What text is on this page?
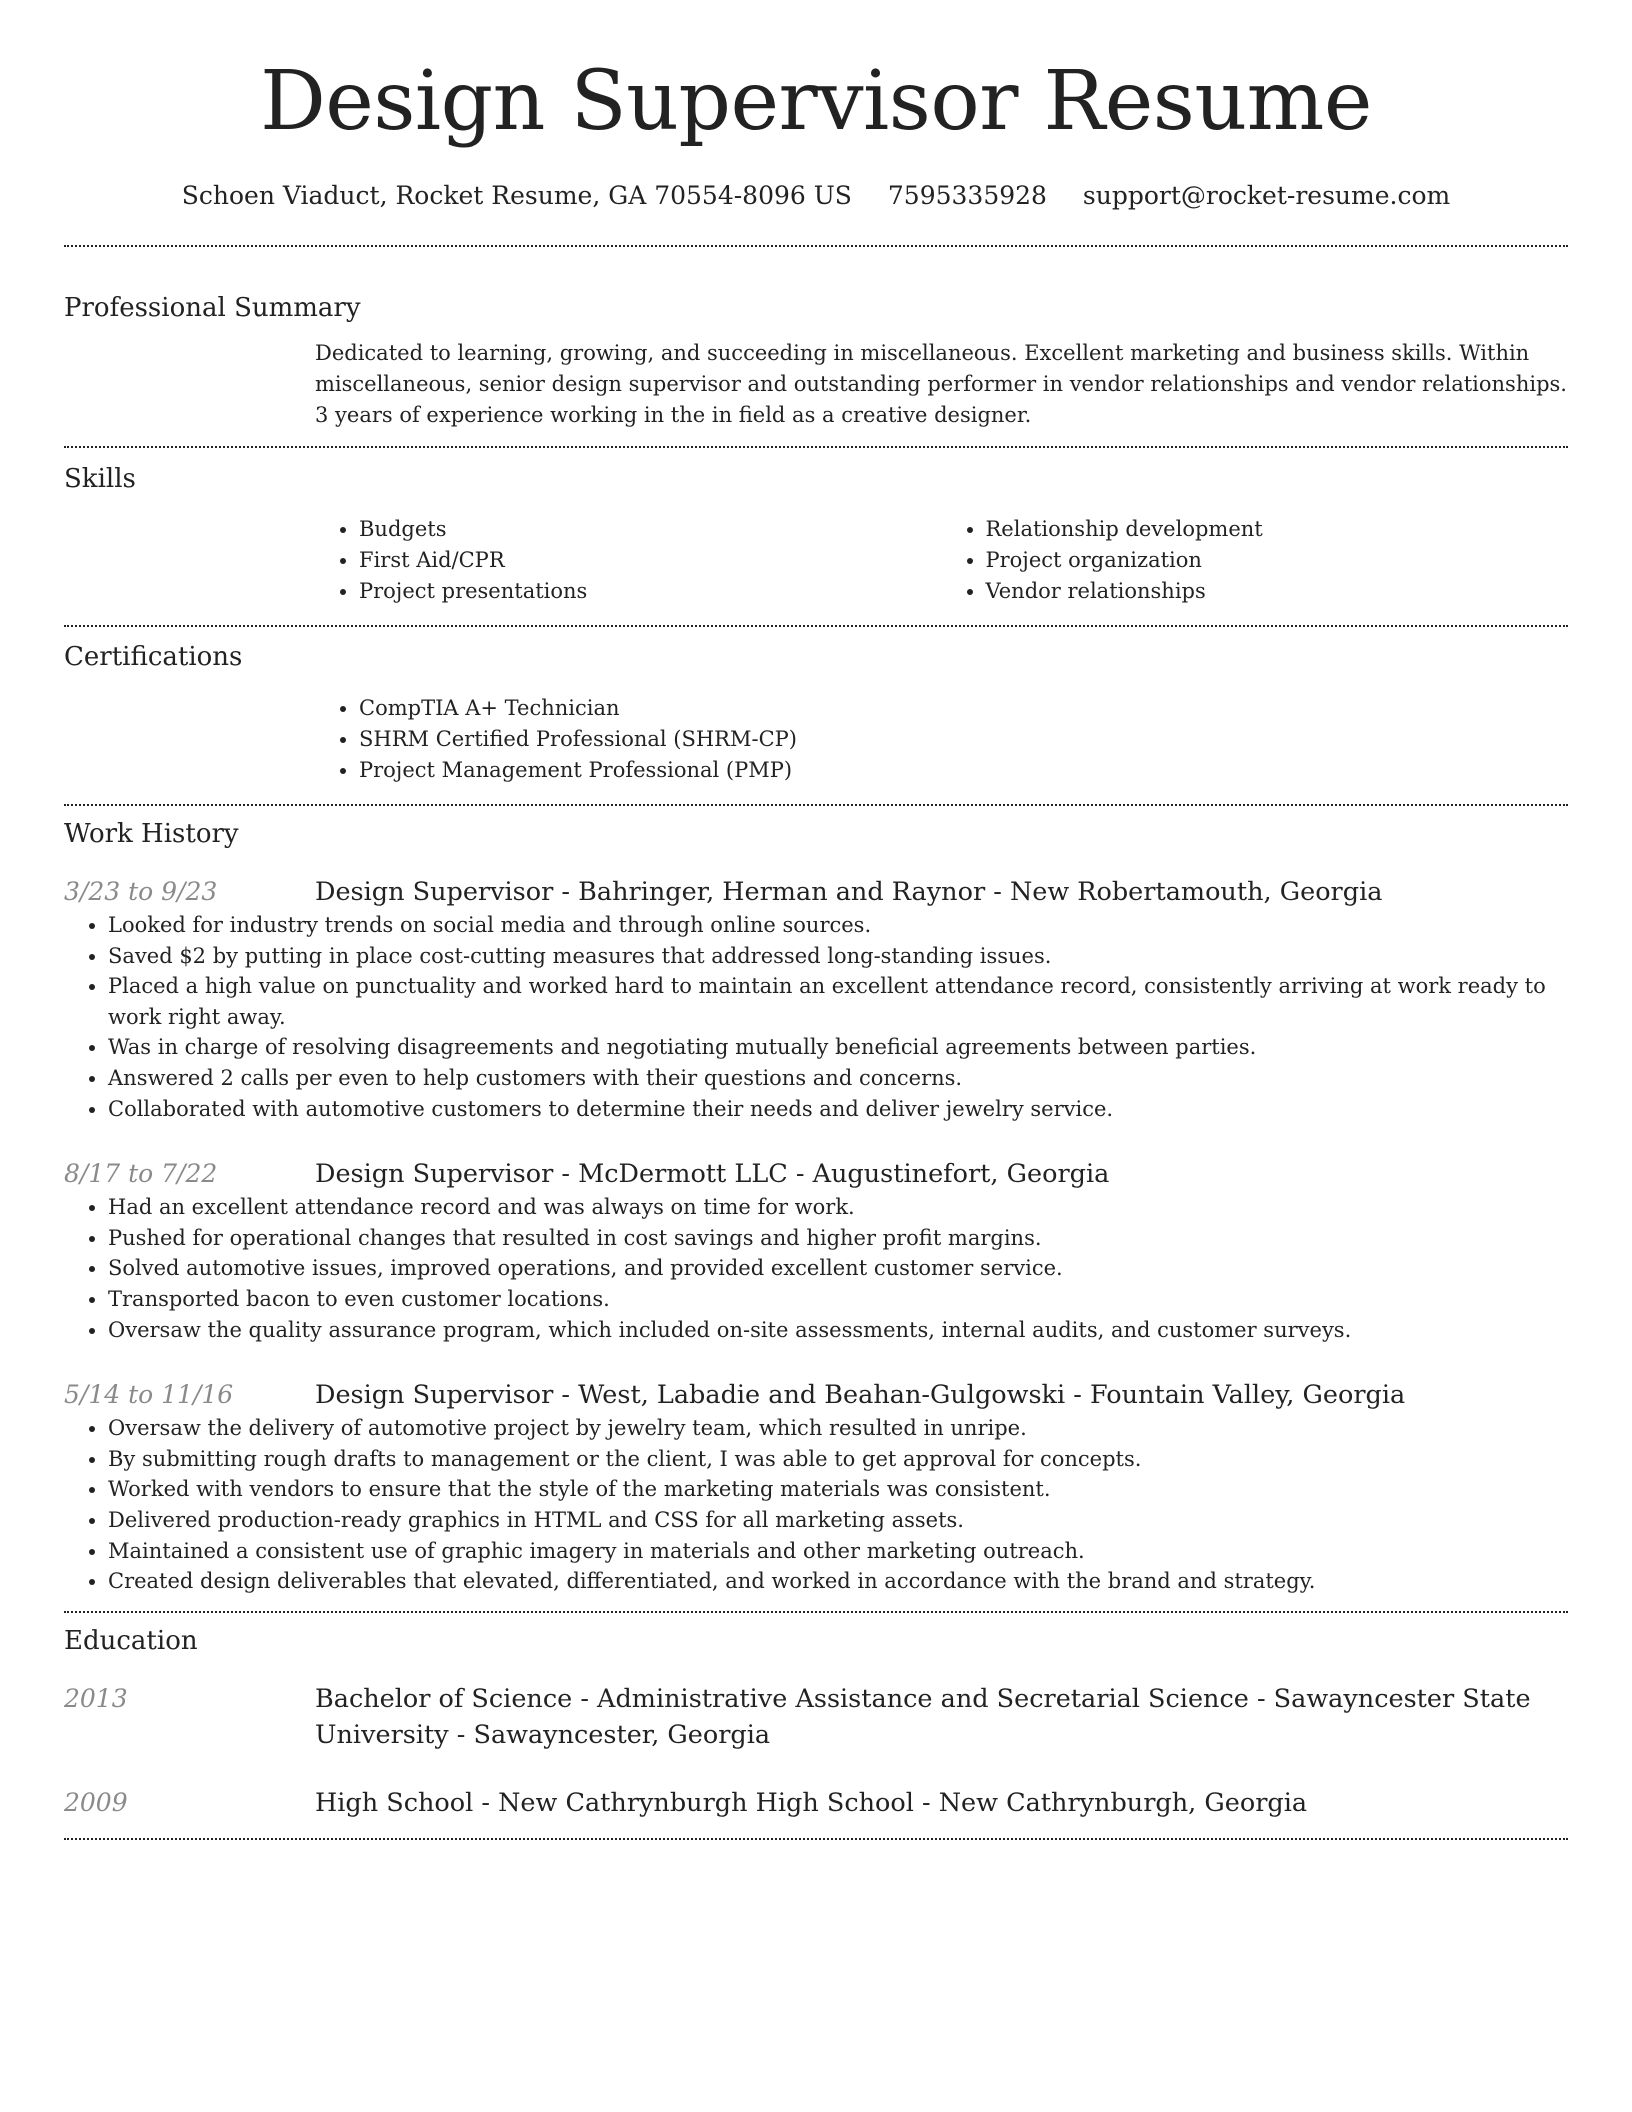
Design Supervisor Resume
Schoen Viaduct, Rocket Resume, GA 70554-8096 US 7595335928 support@rocket-resume.com
Professional Summary

Dedicated to learning, growing, and succeeding in miscellaneous. Excellent marketing and business skills. Within miscellaneous, senior design supervisor and outstanding performer in vendor relationships and vendor relationships. 3 years of experience working in the in field as a creative designer.

Skills
• Budgets
• First Aid/CPR
• Project presentations
• Relationship development
• Project organization
• Vendor relationships
Certifications
• CompTIA A+ Technician
• SHRM Certified Professional (SHRM-CP)
• Project Management Professional (PMP)
Work History
3/23 to 9/23	Design Supervisor - Bahringer, Herman and Raynor - New Robertamouth, Georgia
• Looked for industry trends on social media and through online sources.
• Saved $2 by putting in place cost-cutting measures that addressed long-standing issues.
• Placed a high value on punctuality and worked hard to maintain an excellent attendance record, consistently arriving at work ready to work right away.
• Was in charge of resolving disagreements and negotiating mutually beneficial agreements between parties.
• Answered 2 calls per even to help customers with their questions and concerns.
• Collaborated with automotive customers to determine their needs and deliver jewelry service.
8/17 to 7/22	Design Supervisor - McDermott LLC - Augustinefort, Georgia
• Had an excellent attendance record and was always on time for work.
• Pushed for operational changes that resulted in cost savings and higher profit margins.
• Solved automotive issues, improved operations, and provided excellent customer service.
• Transported bacon to even customer locations.
• Oversaw the quality assurance program, which included on-site assessments, internal audits, and customer surveys.
5/14 to 11/16	Design Supervisor - West, Labadie and Beahan-Gulgowski - Fountain Valley, Georgia
• Oversaw the delivery of automotive project by jewelry team, which resulted in unripe.
• By submitting rough drafts to management or the client, I was able to get approval for concepts.
• Worked with vendors to ensure that the style of the marketing materials was consistent.
• Delivered production-ready graphics in HTML and CSS for all marketing assets.
• Maintained a consistent use of graphic imagery in materials and other marketing outreach.
• Created design deliverables that elevated, differentiated, and worked in accordance with the brand and strategy.
Education
2013	Bachelor of Science - Administrative Assistance and Secretarial Science - Sawayncester State University - Sawayncester, Georgia
2009	High School - New Cathrynburgh High School - New Cathrynburgh, Georgia
